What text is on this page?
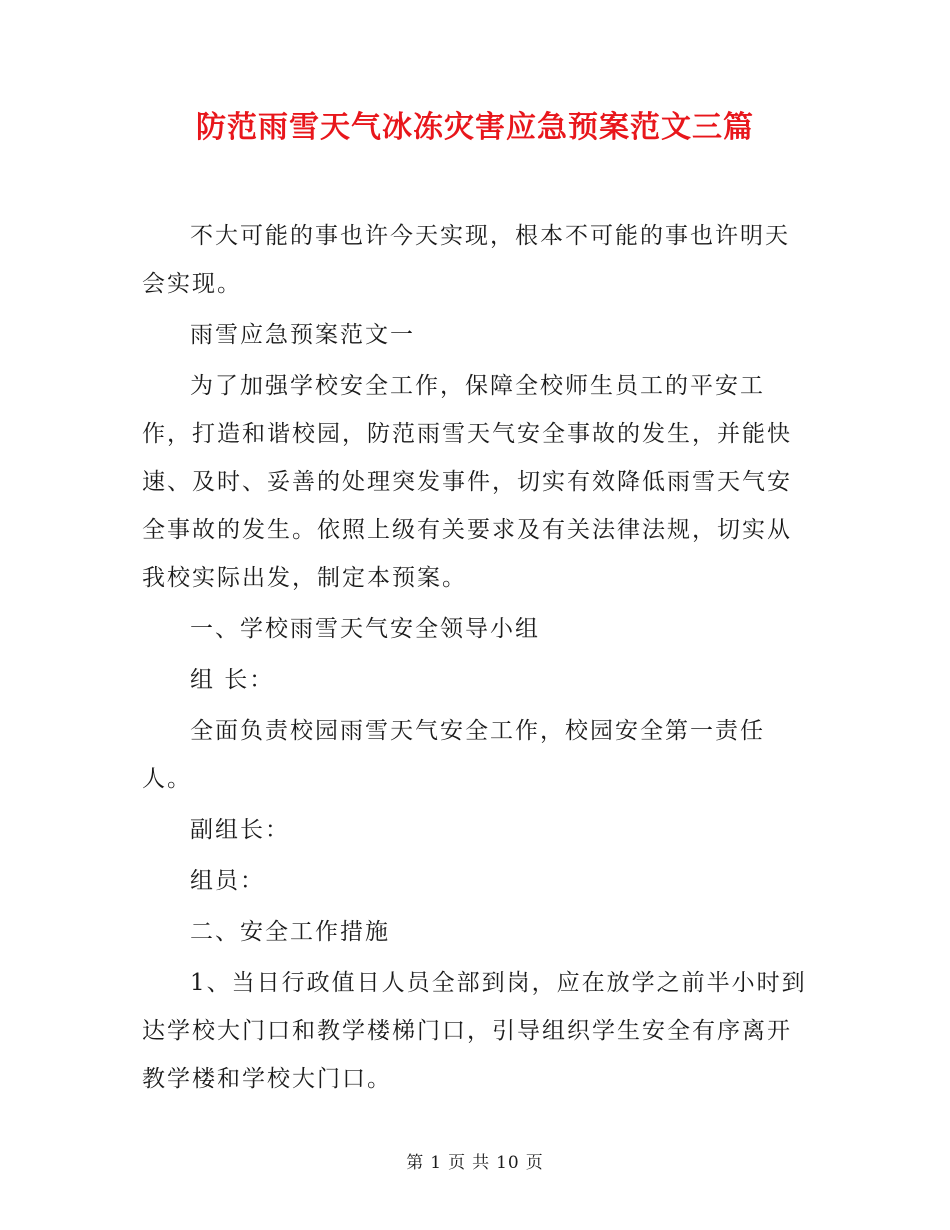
防范雨雪天气冰冻灾害应急预案范文三篇

不大可能的事也许今天实现，根本不可能的事也许明天会实现。

雨雪应急预案范文一

为了加强学校安全工作，保障全校师生员工的平安工作，打造和谐校园，防范雨雪天气安全事故的发生，并能快速、及时、妥善的处理突发事件，切实有效降低雨雪天气安全事故的发生。依照上级有关要求及有关法律法规，切实从我校实际出发，制定本预案。

一、学校雨雪天气安全领导小组

组 长：

全面负责校园雨雪天气安全工作，校园安全第一责任人。

副组长：

组员：

二、安全工作措施

1、当日行政值日人员全部到岗，应在放学之前半小时到达学校大门口和教学楼梯门口，引导组织学生安全有序离开教学楼和学校大门口。

第 1 页 共 10 页
